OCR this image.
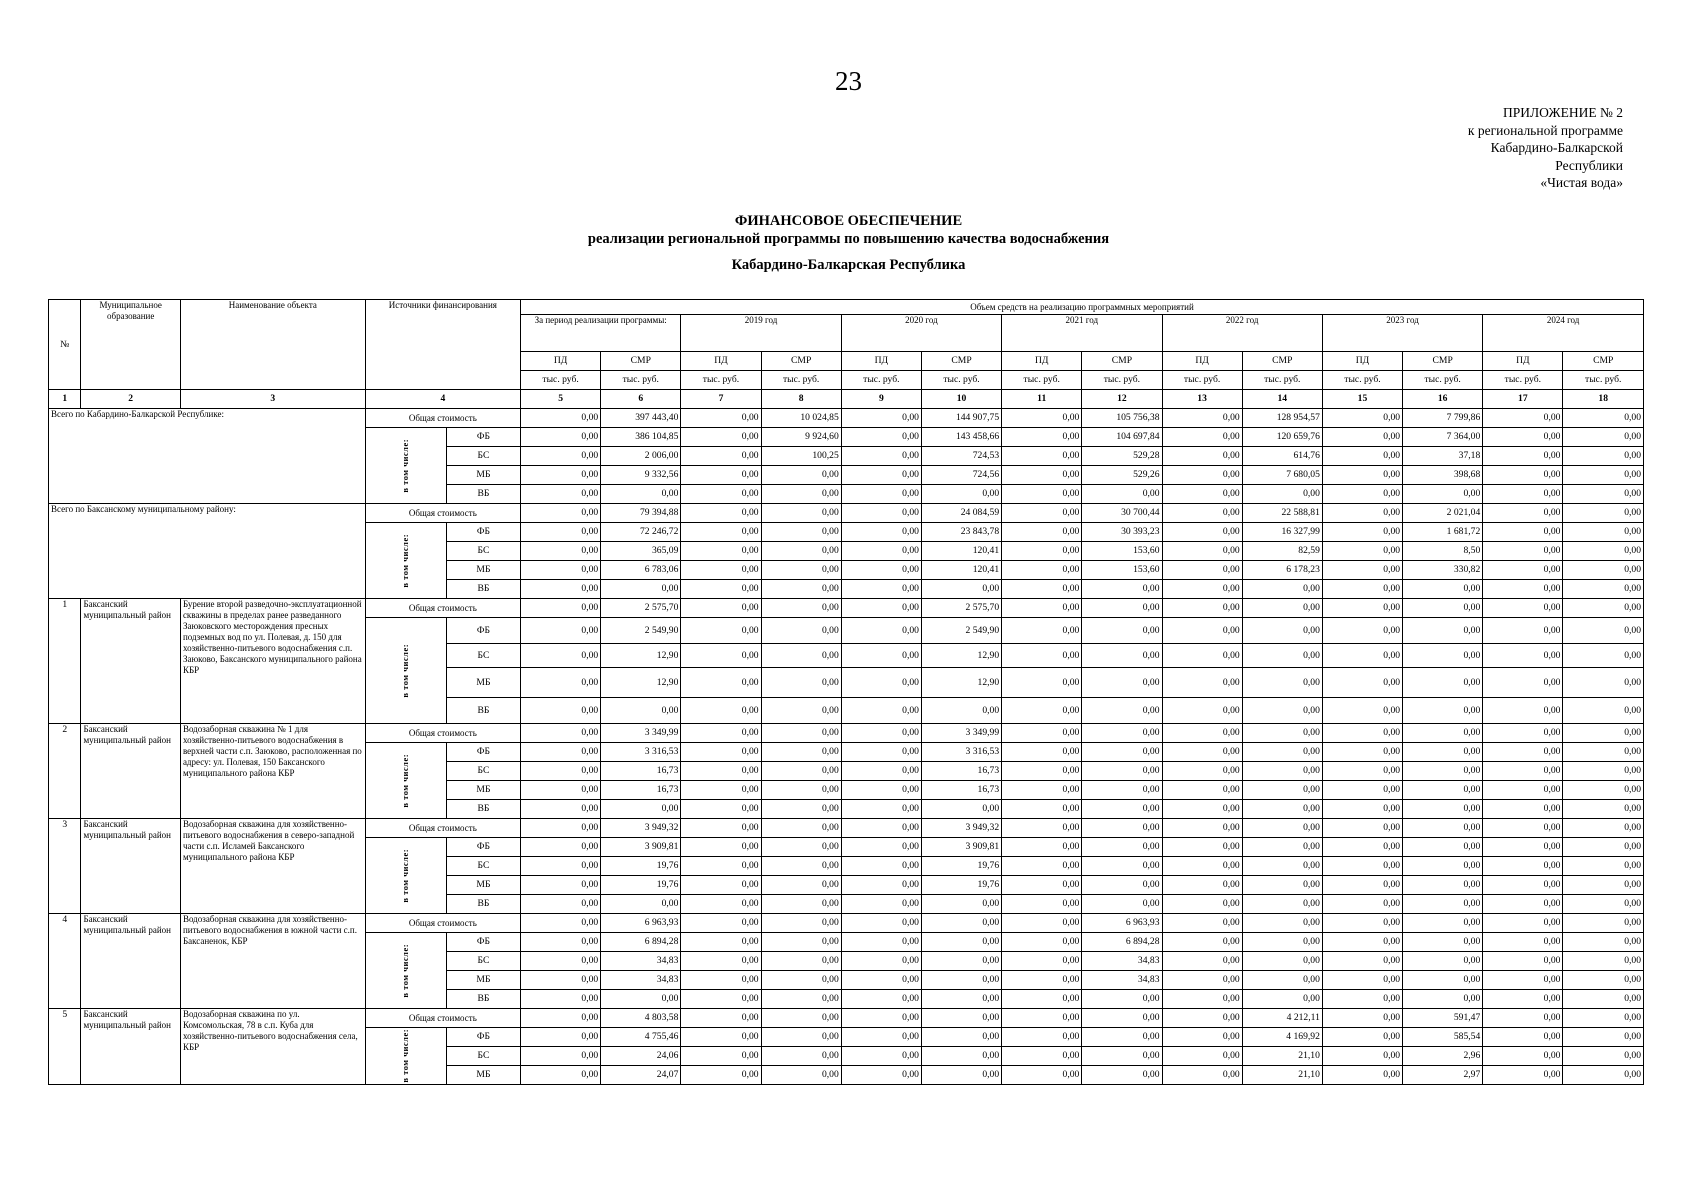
23
ПРИЛОЖЕНИЕ № 2
к региональной программе
Кабардино-Балкарской
Республики
«Чистая вода»
ФИНАНСОВОЕ ОБЕСПЕЧЕНИЕ
реализации региональной программы по повышению качества водоснабжения
Кабардино-Балкарская Республика
№	Муниципальное образование	Наименование объекта	Источники финансирования		Объем средств на реализацию программных мероприятий													
					За период реализации программы:		2019 год		2020 год		2021 год		2022 год		2023 год		2024 год	
					ПД	СМР	ПД	СМР	ПД	СМР	ПД	СМР	ПД	СМР	ПД	СМР	ПД	СМР
					тыс. руб.	тыс. руб.	тыс. руб.	тыс. руб.	тыс. руб.	тыс. руб.	тыс. руб.	тыс. руб.	тыс. руб.	тыс. руб.	тыс. руб.	тыс. руб.	тыс. руб.	тыс. руб.
1	2	3	4		5	6	7	8	9	10	11	12	13	14	15	16	17	18
Всего по Кабардино-Балкарской Республике:			Общая стоимость		0,00	397 443,40	0,00	10 024,85	0,00	144 907,75	0,00	105 756,38	0,00	128 954,57	0,00	7 799,86	0,00	0,00
			в том числе:	ФБ	0,00	386 104,85	0,00	9 924,60	0,00	143 458,66	0,00	104 697,84	0,00	120 659,76	0,00	7 364,00	0,00	0,00
				БС	0,00	2 006,00	0,00	100,25	0,00	724,53	0,00	529,28	0,00	614,76	0,00	37,18	0,00	0,00
				МБ	0,00	9 332,56	0,00	0,00	0,00	724,56	0,00	529,26	0,00	7 680,05	0,00	398,68	0,00	0,00
				ВБ	0,00	0,00	0,00	0,00	0,00	0,00	0,00	0,00	0,00	0,00	0,00	0,00	0,00	0,00
Всего по Баксанскому муниципальному району:			Общая стоимость		0,00	79 394,88	0,00	0,00	0,00	24 084,59	0,00	30 700,44	0,00	22 588,81	0,00	2 021,04	0,00	0,00
			в том числе:	ФБ	0,00	72 246,72	0,00	0,00	0,00	23 843,78	0,00	30 393,23	0,00	16 327,99	0,00	1 681,72	0,00	0,00
				БС	0,00	365,09	0,00	0,00	0,00	120,41	0,00	153,60	0,00	82,59	0,00	8,50	0,00	0,00
				МБ	0,00	6 783,06	0,00	0,00	0,00	120,41	0,00	153,60	0,00	6 178,23	0,00	330,82	0,00	0,00
				ВБ	0,00	0,00	0,00	0,00	0,00	0,00	0,00	0,00	0,00	0,00	0,00	0,00	0,00	0,00
1	Баксанский муниципальный район	Бурение второй разведочно-эксплуатационной скважины в пределах ранее разведанного Заюковского месторождения пресных подземных вод по ул. Полевая, д. 150 для хозяйственно-питьевого водоснабжения с.п. Заюково, Баксанского муниципального района КБР	Общая стоимость		0,00	2 575,70	0,00	0,00	0,00	2 575,70	0,00	0,00	0,00	0,00	0,00	0,00	0,00	0,00
			в том числе:	ФБ	0,00	2 549,90	0,00	0,00	0,00	2 549,90	0,00	0,00	0,00	0,00	0,00	0,00	0,00	0,00
				БС	0,00	12,90	0,00	0,00	0,00	12,90	0,00	0,00	0,00	0,00	0,00	0,00	0,00	0,00
				МБ	0,00	12,90	0,00	0,00	0,00	12,90	0,00	0,00	0,00	0,00	0,00	0,00	0,00	0,00
				ВБ	0,00	0,00	0,00	0,00	0,00	0,00	0,00	0,00	0,00	0,00	0,00	0,00	0,00	0,00
2	Баксанский муниципальный район	Водозаборная скважина № 1 для хозяйственно-питьевого водоснабжения в верхней части с.п. Заюково, расположенная по адресу: ул. Полевая, 150 Баксанского муниципального района КБР	Общая стоимость		0,00	3 349,99	0,00	0,00	0,00	3 349,99	0,00	0,00	0,00	0,00	0,00	0,00	0,00	0,00
			в том числе:	ФБ	0,00	3 316,53	0,00	0,00	0,00	3 316,53	0,00	0,00	0,00	0,00	0,00	0,00	0,00	0,00
				БС	0,00	16,73	0,00	0,00	0,00	16,73	0,00	0,00	0,00	0,00	0,00	0,00	0,00	0,00
				МБ	0,00	16,73	0,00	0,00	0,00	16,73	0,00	0,00	0,00	0,00	0,00	0,00	0,00	0,00
				ВБ	0,00	0,00	0,00	0,00	0,00	0,00	0,00	0,00	0,00	0,00	0,00	0,00	0,00	0,00
3	Баксанский муниципальный район	Водозаборная скважина для хозяйственно-питьевого водоснабжения в северо-западной части с.п. Исламей Баксанского муниципального района КБР	Общая стоимость		0,00	3 949,32	0,00	0,00	0,00	3 949,32	0,00	0,00	0,00	0,00	0,00	0,00	0,00	0,00
			в том числе:	ФБ	0,00	3 909,81	0,00	0,00	0,00	3 909,81	0,00	0,00	0,00	0,00	0,00	0,00	0,00	0,00
				БС	0,00	19,76	0,00	0,00	0,00	19,76	0,00	0,00	0,00	0,00	0,00	0,00	0,00	0,00
				МБ	0,00	19,76	0,00	0,00	0,00	19,76	0,00	0,00	0,00	0,00	0,00	0,00	0,00	0,00
				ВБ	0,00	0,00	0,00	0,00	0,00	0,00	0,00	0,00	0,00	0,00	0,00	0,00	0,00	0,00
4	Баксанский муниципальный район	Водозаборная скважина для хозяйственно-питьевого водоснабжения в южной части с.п. Баксаненок, КБР	Общая стоимость		0,00	6 963,93	0,00	0,00	0,00	0,00	0,00	6 963,93	0,00	0,00	0,00	0,00	0,00	0,00
			в том числе:	ФБ	0,00	6 894,28	0,00	0,00	0,00	0,00	0,00	6 894,28	0,00	0,00	0,00	0,00	0,00	0,00
				БС	0,00	34,83	0,00	0,00	0,00	0,00	0,00	34,83	0,00	0,00	0,00	0,00	0,00	0,00
				МБ	0,00	34,83	0,00	0,00	0,00	0,00	0,00	34,83	0,00	0,00	0,00	0,00	0,00	0,00
				ВБ	0,00	0,00	0,00	0,00	0,00	0,00	0,00	0,00	0,00	0,00	0,00	0,00	0,00	0,00
5	Баксанский муниципальный район	Водозаборная скважина по ул. Комсомольская, 78 в с.п. Куба для хозяйственно-питьевого водоснабжения села, КБР	Общая стоимость		0,00	4 803,58	0,00	0,00	0,00	0,00	0,00	0,00	0,00	4 212,11	0,00	591,47	0,00	0,00
			в том числе:	ФБ	0,00	4 755,46	0,00	0,00	0,00	0,00	0,00	0,00	0,00	4 169,92	0,00	585,54	0,00	0,00
				БС	0,00	24,06	0,00	0,00	0,00	0,00	0,00	0,00	0,00	21,10	0,00	2,96	0,00	0,00
				МБ	0,00	24,07	0,00	0,00	0,00	0,00	0,00	0,00	0,00	21,10	0,00	2,97	0,00	0,00
